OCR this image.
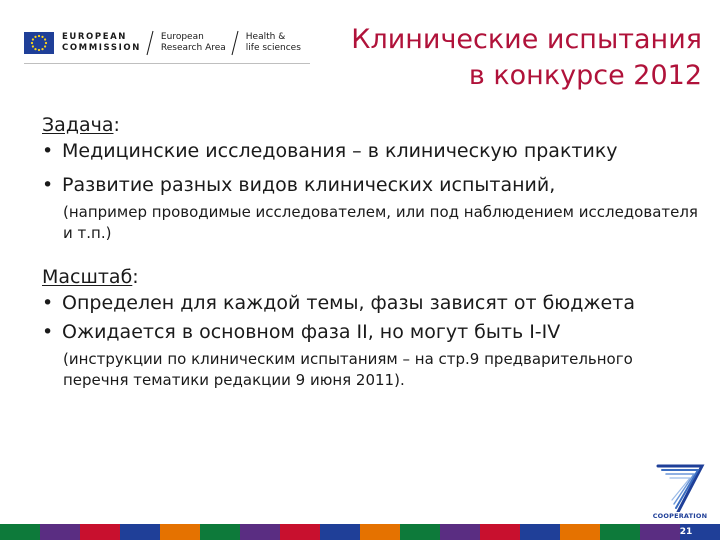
EUROPEAN
COMMISSION
European
Research Area
Health &
life sciences	Клинические испытания
в конкурсе 2012
Задача:
• Медицинские исследования – в клиническую практику
• Развитие разных видов клинических испытаний,
(например проводимые исследователем, или под наблюдением исследователя и т.п.)
Масштаб:
• Определен для каждой темы, фазы зависят от бюджета
• Ожидается в основном фаза II, но могут быть I-IV
(инструкции по клиническим испытаниям – на стр.9 предварительного перечня тематики редакции 9 июня 2011).
COOPERATION
21
